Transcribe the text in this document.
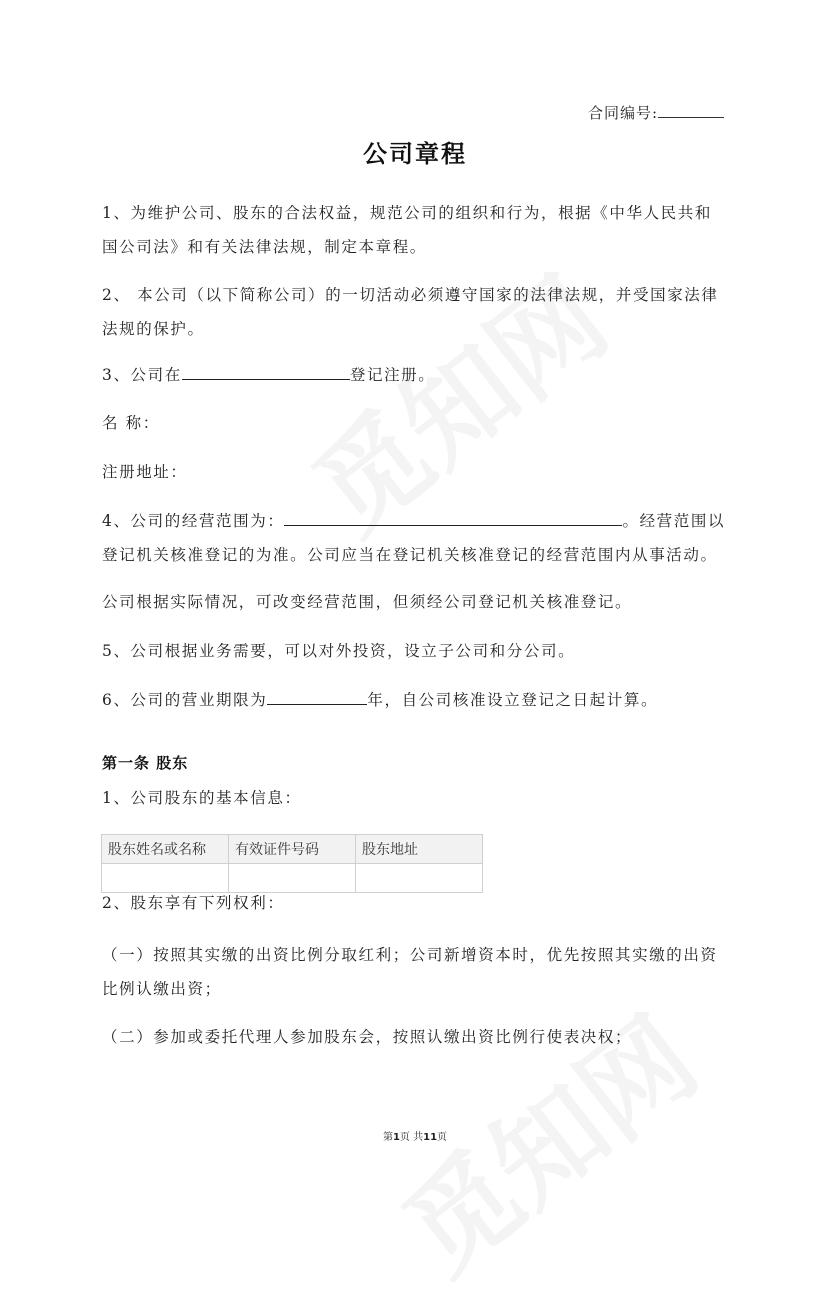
合同编号:
公司章程

1、为维护公司、股东的合法权益，规范公司的组织和行为，根据《中华人民共和国公司法》和有关法律法规，制定本章程。

2、 本公司（以下简称公司）的一切活动必须遵守国家的法律法规，并受国家法律法规的保护。

3、公司在	登记注册。

名 称：

注册地址：

4、公司的经营范围为：	。经营范围以登记机关核准登记的为准。公司应当在登记机关核准登记的经营范围内从事活动。

公司根据实际情况，可改变经营范围，但须经公司登记机关核准登记。

5、公司根据业务需要，可以对外投资，设立子公司和分公司。

6、公司的营业期限为	年，自公司核准设立登记之日起计算。

第一条 股东

1、公司股东的基本信息：

股东姓名或名称	有效证件号码	股东地址

2、股东享有下列权利：

（一）按照其实缴的出资比例分取红利；公司新增资本时，优先按照其实缴的出资比例认缴出资；

（二）参加或委托代理人参加股东会，按照认缴出资比例行使表决权；

第1页 共11页
